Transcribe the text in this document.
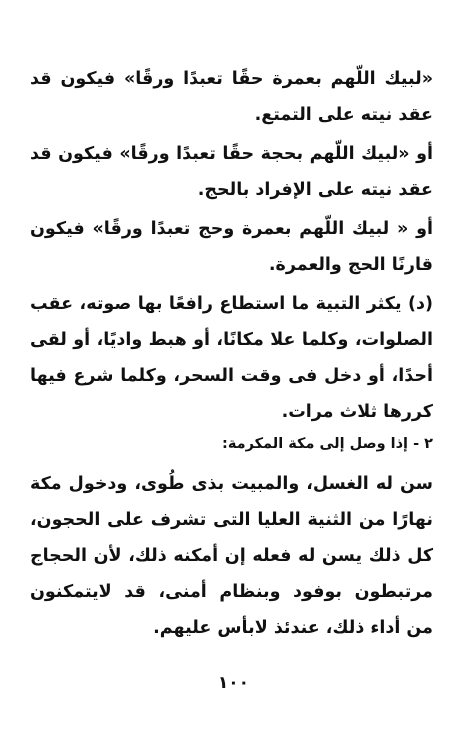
«لبيك اللّهم بعمرة حقًا تعبدًا ورقًا» فيكون قد عقد نيته على التمتع.

أو «لبيك اللّهم بحجة حقًا تعبدًا ورقًا» فيكون قد عقد نيته على الإفراد بالحج.

أو « لبيك اللّهم بعمرة وحج تعبدًا ورقًا» فيكون قارنًا الحج والعمرة.

(د) يكثر التبية ما استطاع رافعًا بها صوته، عقب الصلوات، وكلما علا مكانًا، أو هبط واديًا، أو لقى أحدًا، أو دخل فى وقت السحر، وكلما شرع فيها كررها ثلاث مرات.

٢ - إذا وصل إلى مكة المكرمة:

سن له الغسل، والمبيت بذى طُوى، ودخول مكة نهارًا من الثنية العليا التى تشرف على الحجون، كل ذلك يسن له فعله إن أمكنه ذلك، لأن الحجاج مرتبطون بوفود وبنظام أمنى، قد لايتمكنون من أداء ذلك، عندئذ لابأس عليهم.

١٠٠
